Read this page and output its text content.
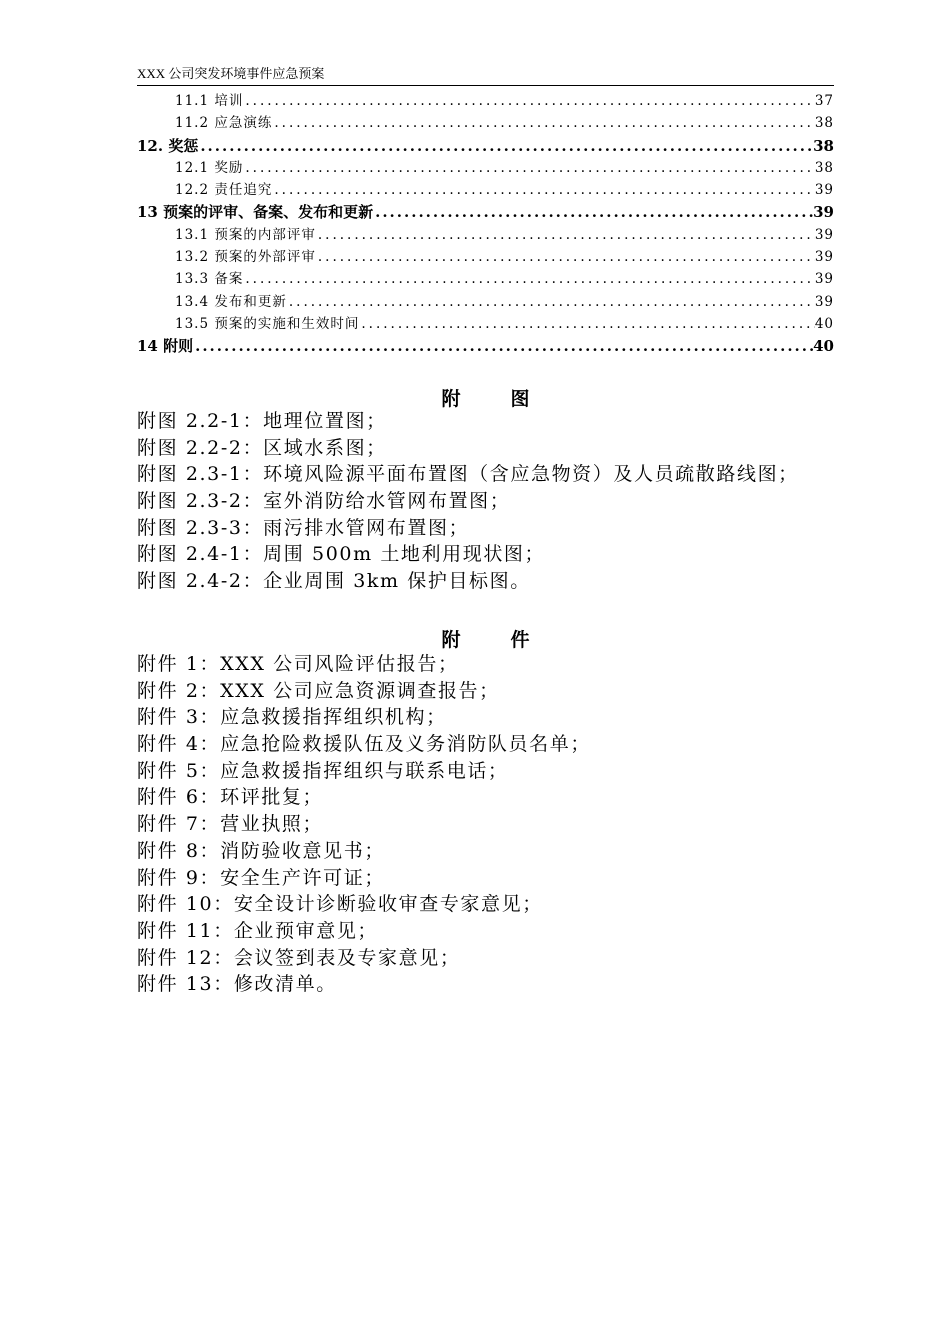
XXX 公司突发环境事件应急预案
11.1 培训 .....	37
11.2 应急演练 .....	38
12. 奖惩 .....	38
12.1 奖励 .....	38
12.2 责任追究 .....	39
13 预案的评审、备案、发布和更新 .....	39
13.1 预案的内部评审 .....	39
13.2 预案的外部评审 .....	39
13.3 备案 .....	39
13.4 发布和更新 .....	39
13.5 预案的实施和生效时间 .....	40
14 附则 .....	40
附	图
附图 2.2-1：地理位置图；
附图 2.2-2：区域水系图；
附图 2.3-1：环境风险源平面布置图（含应急物资）及人员疏散路线图；
附图 2.3-2：室外消防给水管网布置图；
附图 2.3-3：雨污排水管网布置图；
附图 2.4-1：周围 500m 土地利用现状图；
附图 2.4-2：企业周围 3km 保护目标图。
附	件
附件 1：XXX 公司风险评估报告；
附件 2：XXX 公司应急资源调查报告；
附件 3：应急救援指挥组织机构；
附件 4：应急抢险救援队伍及义务消防队员名单；
附件 5：应急救援指挥组织与联系电话；
附件 6：环评批复；
附件 7：营业执照；
附件 8：消防验收意见书；
附件 9：安全生产许可证；
附件 10：安全设计诊断验收审查专家意见；
附件 11：企业预审意见；
附件 12：会议签到表及专家意见；
附件 13：修改清单。
